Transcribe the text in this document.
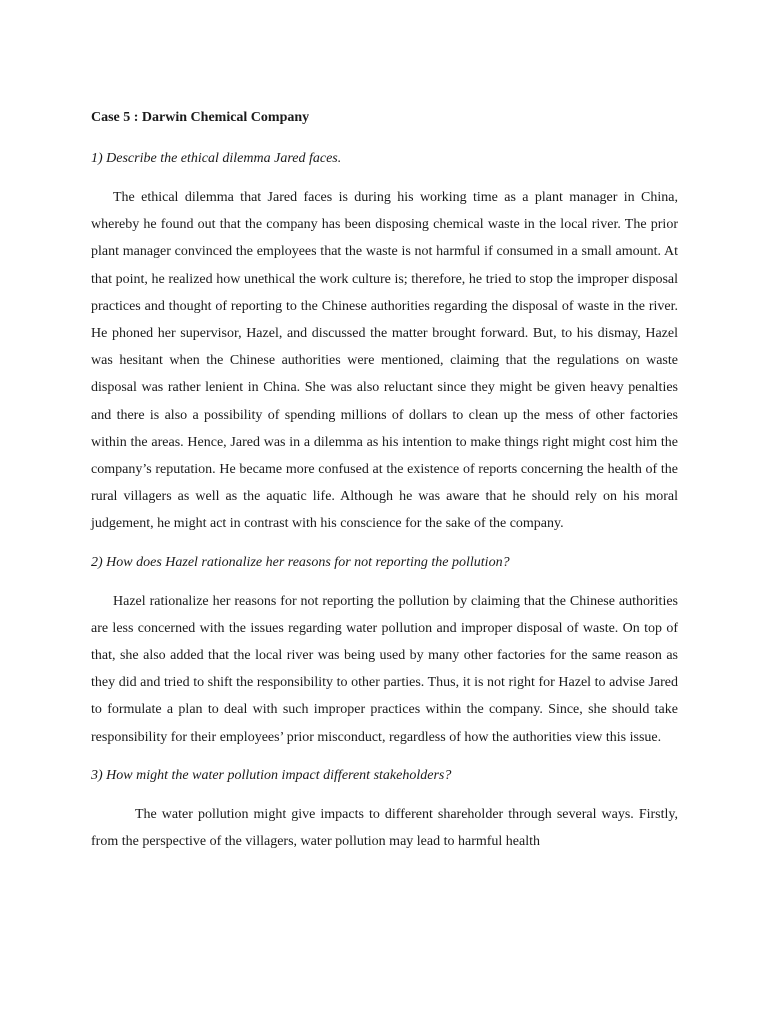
Case 5 : Darwin Chemical Company

1) Describe the ethical dilemma Jared faces.

The ethical dilemma that Jared faces is during his working time as a plant manager in China, whereby he found out that the company has been disposing chemical waste in the local river. The prior plant manager convinced the employees that the waste is not harmful if consumed in a small amount. At that point, he realized how unethical the work culture is; therefore, he tried to stop the improper disposal practices and thought of reporting to the Chinese authorities regarding the disposal of waste in the river. He phoned her supervisor, Hazel, and discussed the matter brought forward. But, to his dismay, Hazel was hesitant when the Chinese authorities were mentioned, claiming that the regulations on waste disposal was rather lenient in China. She was also reluctant since they might be given heavy penalties and there is also a possibility of spending millions of dollars to clean up the mess of other factories within the areas. Hence, Jared was in a dilemma as his intention to make things right might cost him the company’s reputation. He became more confused at the existence of reports concerning the health of the rural villagers as well as the aquatic life. Although he was aware that he should rely on his moral judgement, he might act in contrast with his conscience for the sake of the company.

2) How does Hazel rationalize her reasons for not reporting the pollution?

Hazel rationalize her reasons for not reporting the pollution by claiming that the Chinese authorities are less concerned with the issues regarding water pollution and improper disposal of waste. On top of that, she also added that the local river was being used by many other factories for the same reason as they did and tried to shift the responsibility to other parties. Thus, it is not right for Hazel to advise Jared to formulate a plan to deal with such improper practices within the company. Since, she should take responsibility for their employees’ prior misconduct, regardless of how the authorities view this issue.

3) How might the water pollution impact different stakeholders?

The water pollution might give impacts to different shareholder through several ways. Firstly, from the perspective of the villagers, water pollution may lead to harmful health
